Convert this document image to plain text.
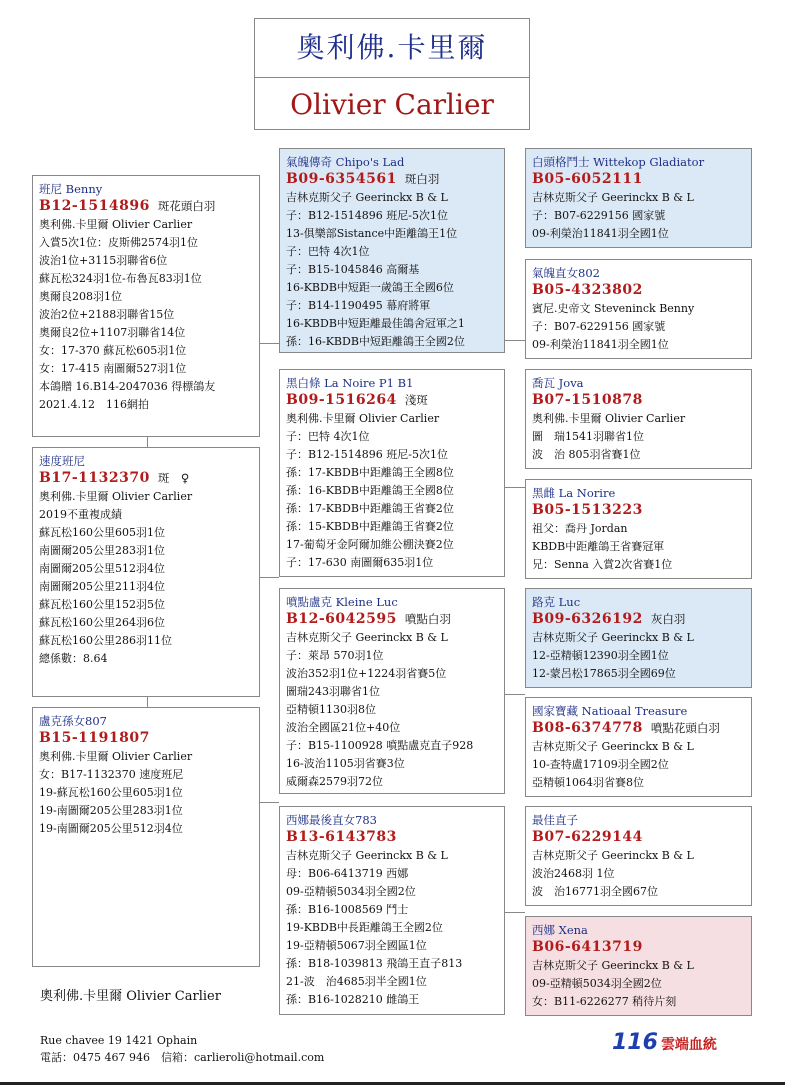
奧利佛.卡里爾
Olivier Carlier
班尼 Benny
B12-1514896 斑花頭白羽
奧利佛.卡里爾 Olivier Carlier
入賞5次1位：皮斯佛2574羽1位
波治1位+3115羽聯省6位
蘇瓦松324羽1位-布魯瓦83羽1位
奧爾良208羽1位
波治2位+2188羽聯省15位
奧爾良2位+1107羽聯省14位
女：17-370 蘇瓦松605羽1位
女：17-415 南圖爾527羽1位
本鴿贈 16.B14-2047036 得標鴿友
2021.4.12　116網拍
速度班尼
B17-1132370 斑　♀
奧利佛.卡里爾 Olivier Carlier
2019不重複成績
蘇瓦松160公里605羽1位
南圖爾205公里283羽1位
南圖爾205公里512羽4位
南圖爾205公里211羽4位
蘇瓦松160公里152羽5位
蘇瓦松160公里264羽6位
蘇瓦松160公里286羽11位
總係數：8.64
盧克孫女807
B15-1191807
奧利佛.卡里爾 Olivier Carlier
女：B17-1132370 速度班尼
19-蘇瓦松160公里605羽1位
19-南圖爾205公里283羽1位
19-南圖爾205公里512羽4位
氣魄傳奇 Chipo's Lad
B09-6354561 斑白羽
吉林克斯父子 Geerinckx B & L
子：B12-1514896 班尼-5次1位
13-俱樂部Sistance中距離鴿王1位
子：巴特 4次1位
子：B15-1045846 高爾基
16-KBDB中短距一歲鴿王全國6位
子：B14-1190495 幕府將軍
16-KBDB中短距離最佳鴿舍冠軍之1
孫：16-KBDB中短距離鴿王全國2位
黑白條 La Noire P1 B1
B09-1516264 淺斑
奧利佛.卡里爾 Olivier Carlier
子：巴特 4次1位
子：B12-1514896 班尼-5次1位
孫：17-KBDB中距離鴿王全國8位
孫：16-KBDB中距離鴿王全國8位
孫：17-KBDB中距離鴿王省賽2位
孫：15-KBDB中距離鴿王省賽2位
17-葡萄牙金阿爾加維公棚決賽2位
子：17-630 南圖爾635羽1位
噴點盧克 Kleine Luc
B12-6042595 噴點白羽
吉林克斯父子 Geerinckx B & L
子：萊昂 570羽1位
波治352羽1位+1224羽省賽5位
圖瑞243羽聯省1位
亞精頓1130羽8位
波治全國區21位+40位
子：B15-1100928 噴點盧克直子928
16-波治1105羽省賽3位
威爾森2579羽72位
西娜最後直女783
B13-6143783
吉林克斯父子 Geerinckx B & L
母：B06-6413719 西娜
09-亞精頓5034羽全國2位
孫：B16-1008569 鬥士
19-KBDB中長距離鴿王全國2位
19-亞精頓5067羽全國區1位
孫：B18-1039813 飛鴿王直子813
21-波　治4685羽半全國1位
孫：B16-1028210 雌鴿王
白頭格鬥士 Wittekop Gladiator
B05-6052111
吉林克斯父子 Geerinckx B & L
子：B07-6229156 國家號
09-利榮治11841羽全國1位
氣魄直女802
B05-4323802
賓尼.史帝文 Steveninck Benny
子：B07-6229156 國家號
09-利榮治11841羽全國1位
喬瓦 Jova
B07-1510878
奧利佛.卡里爾 Olivier Carlier
圖　瑞1541羽聯省1位
波　治 805羽省賽1位
黑雌 La Norire
B05-1513223
祖父：喬丹 Jordan
KBDB中距離鴿王省賽冠軍
兄：Senna 入賞2次省賽1位
路克 Luc
B09-6326192 灰白羽
吉林克斯父子 Geerinckx B & L
12-亞精頓12390羽全國1位
12-蒙呂松17865羽全國69位
國家寶藏 Natioaal Treasure
B08-6374778 噴點花頭白羽
吉林克斯父子 Geerinckx B & L
10-查特盧17109羽全國2位
亞精頓1064羽省賽8位
最佳直子
B07-6229144
吉林克斯父子 Geerinckx B & L
波治2468羽 1位
波　治16771羽全國67位
西娜 Xena
B06-6413719
吉林克斯父子 Geerinckx B & L
09-亞精頓5034羽全國2位
女：B11-6226277 稍待片刻
奧利佛.卡里爾 Olivier Carlier
Rue chavee 19 1421 Ophain
電話：0475 467 946　信箱：carlieroli@hotmail.com
116 雲端血統
